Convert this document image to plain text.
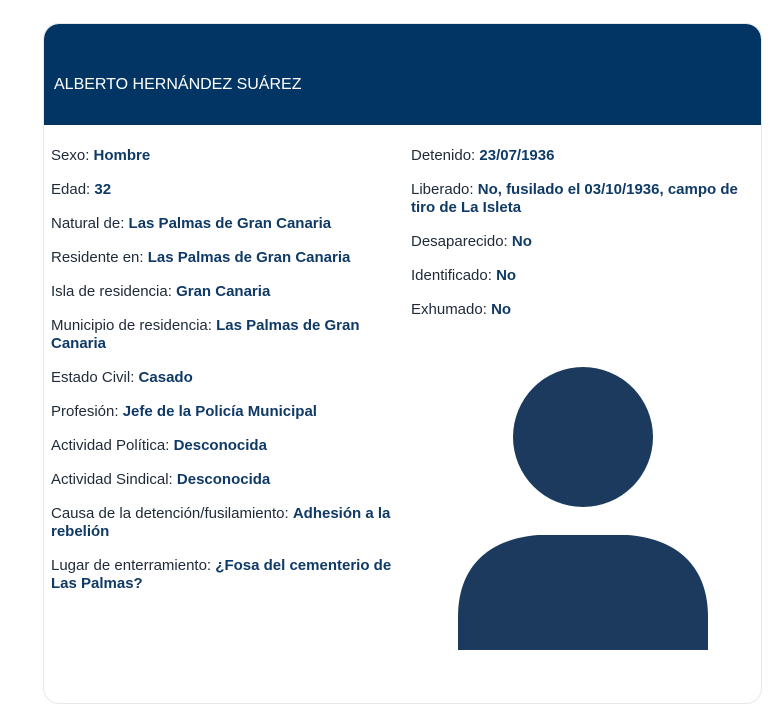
ALBERTO HERNÁNDEZ SUÁREZ
Sexo: Hombre
Edad: 32
Natural de: Las Palmas de Gran Canaria
Residente en: Las Palmas de Gran Canaria
Isla de residencia: Gran Canaria
Municipio de residencia: Las Palmas de Gran Canaria
Estado Civil: Casado
Profesión: Jefe de la Policía Municipal
Actividad Política: Desconocida
Actividad Sindical: Desconocida
Causa de la detención/fusilamiento: Adhesión a la rebelión
Lugar de enterramiento: ¿Fosa del cementerio de Las Palmas?
Detenido: 23/07/1936
Liberado: No, fusilado el 03/10/1936, campo de tiro de La Isleta
Desaparecido: No
Identificado: No
Exhumado: No
